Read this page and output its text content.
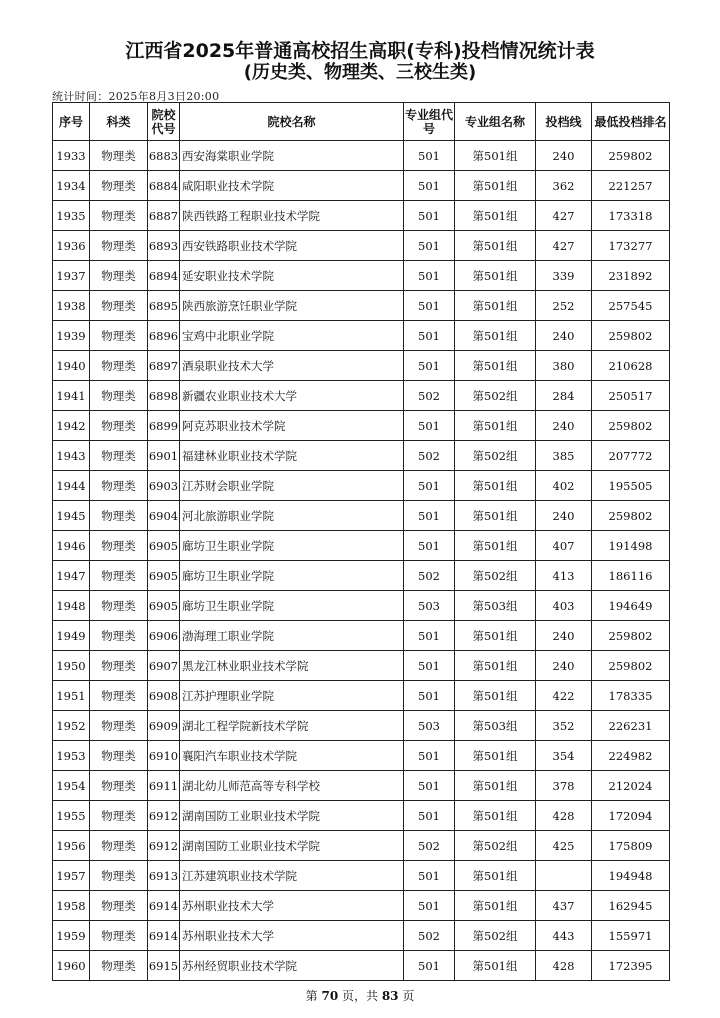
江西省2025年普通高校招生高职(专科)投档情况统计表
(历史类、物理类、三校生类)
统计时间：2025年8月3日20:00
序号	科类	院校代号	院校名称	专业组代号	专业组名称	投档线	最低投档排名
1933	物理类	6883	西安海棠职业学院	501	第501组	240	259802
1934	物理类	6884	咸阳职业技术学院	501	第501组	362	221257
1935	物理类	6887	陕西铁路工程职业技术学院	501	第501组	427	173318
1936	物理类	6893	西安铁路职业技术学院	501	第501组	427	173277
1937	物理类	6894	延安职业技术学院	501	第501组	339	231892
1938	物理类	6895	陕西旅游烹饪职业学院	501	第501组	252	257545
1939	物理类	6896	宝鸡中北职业学院	501	第501组	240	259802
1940	物理类	6897	酒泉职业技术大学	501	第501组	380	210628
1941	物理类	6898	新疆农业职业技术大学	502	第502组	284	250517
1942	物理类	6899	阿克苏职业技术学院	501	第501组	240	259802
1943	物理类	6901	福建林业职业技术学院	502	第502组	385	207772
1944	物理类	6903	江苏财会职业学院	501	第501组	402	195505
1945	物理类	6904	河北旅游职业学院	501	第501组	240	259802
1946	物理类	6905	廊坊卫生职业学院	501	第501组	407	191498
1947	物理类	6905	廊坊卫生职业学院	502	第502组	413	186116
1948	物理类	6905	廊坊卫生职业学院	503	第503组	403	194649
1949	物理类	6906	渤海理工职业学院	501	第501组	240	259802
1950	物理类	6907	黑龙江林业职业技术学院	501	第501组	240	259802
1951	物理类	6908	江苏护理职业学院	501	第501组	422	178335
1952	物理类	6909	湖北工程学院新技术学院	503	第503组	352	226231
1953	物理类	6910	襄阳汽车职业技术学院	501	第501组	354	224982
1954	物理类	6911	湖北幼儿师范高等专科学校	501	第501组	378	212024
1955	物理类	6912	湖南国防工业职业技术学院	501	第501组	428	172094
1956	物理类	6912	湖南国防工业职业技术学院	502	第502组	425	175809
1957	物理类	6913	江苏建筑职业技术学院	501	第501组		194948
1958	物理类	6914	苏州职业技术大学	501	第501组	437	162945
1959	物理类	6914	苏州职业技术大学	502	第502组	443	155971
1960	物理类	6915	苏州经贸职业技术学院	501	第501组	428	172395
第 70 页，共 83 页
